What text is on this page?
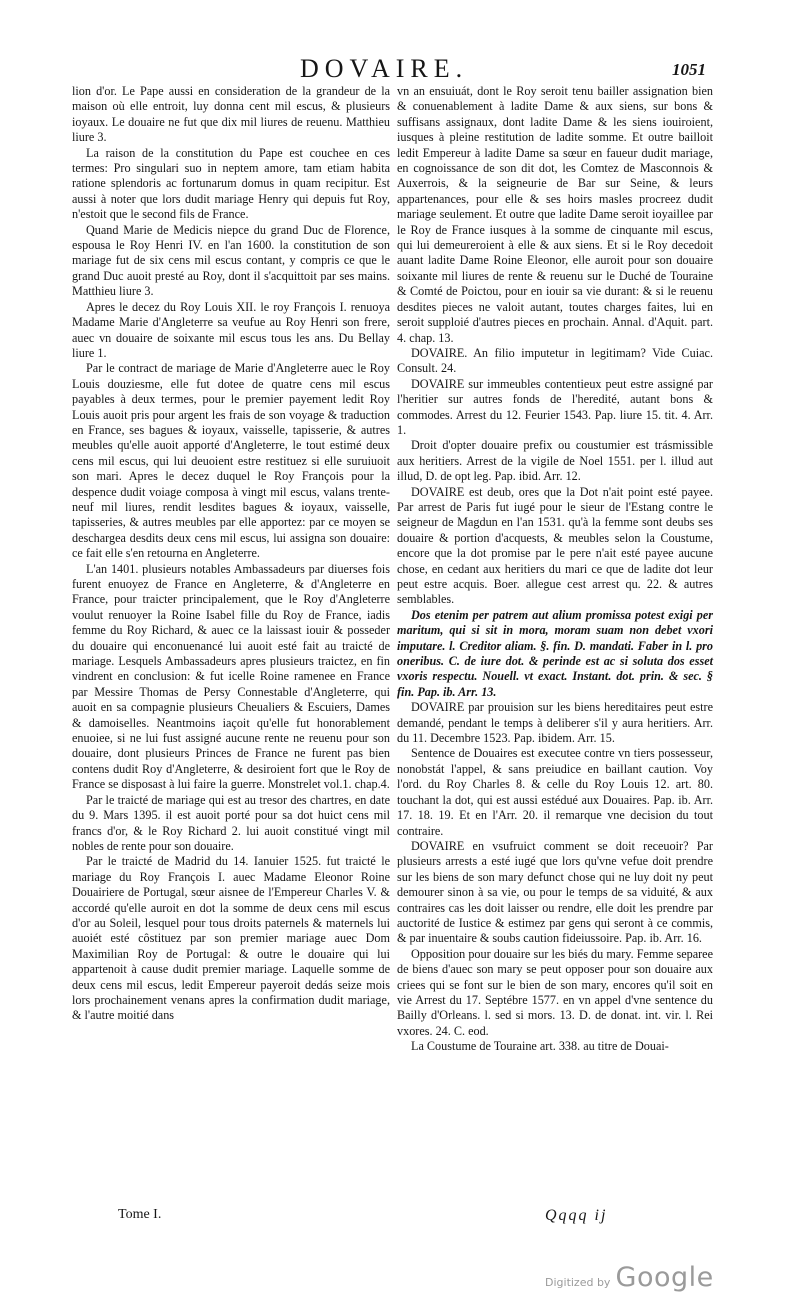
DOVAIRE.	1051

lion d'or. Le Pape aussi en consideration de la grandeur de la maison où elle entroit, luy donna cent mil escus, & plusieurs ioyaux. Le douaire ne fut que dix mil liures de reuenu. Matthieu liure 3.

La raison de la constitution du Pape est couchee en ces termes: Pro singulari suo in neptem amore, tam etiam habita ratione splendoris ac fortunarum domus in quam recipitur. Est aussi à noter que lors dudit mariage Henry qui depuis fut Roy, n'estoit que le second fils de France.

Quand Marie de Medicis niepce du grand Duc de Florence, espousa le Roy Henri IV. en l'an 1600. la constitution de son mariage fut de six cens mil escus contant, y compris ce que le grand Duc auoit presté au Roy, dont il s'acquittoit par ses mains. Matthieu liure 3.

Apres le decez du Roy Louis XII. le roy François I. renuoya Madame Marie d'Angleterre sa veufue au Roy Henri son frere, auec vn douaire de soixante mil escus tous les ans. Du Bellay liure 1.

Par le contract de mariage de Marie d'Angleterre auec le Roy Louis douziesme, elle fut dotee de quatre cens mil escus payables à deux termes, pour le premier payement ledit Roy Louis auoit pris pour argent les frais de son voyage & traduction en France, ses bagues & ioyaux, vaisselle, tapisserie, & autres meubles qu'elle auoit apporté d'Angleterre, le tout estimé deux cens mil escus, qui lui deuoient estre restituez si elle suruiuoit son mari. Apres le decez duquel le Roy François pour la despence dudit voiage composa à vingt mil escus, valans trente-neuf mil liures, rendit lesdites bagues & ioyaux, vaisselle, tapisseries, & autres meubles par elle apportez: par ce moyen se deschargea desdits deux cens mil escus, lui assigna son douaire: ce fait elle s'en retourna en Angleterre.

L'an 1401. plusieurs notables Ambassadeurs par diuerses fois furent enuoyez de France en Angleterre, & d'Angleterre en France, pour traicter principalement, que le Roy d'Angleterre voulut renuoyer la Roine Isabel fille du Roy de France, iadis femme du Roy Richard, & auec ce la laissast iouir & posseder du douaire qui enconuenancé lui auoit esté fait au traicté de mariage. Lesquels Ambassadeurs apres plusieurs traictez, en fin vindrent en conclusion: & fut icelle Roine ramenee en France par Messire Thomas de Persy Connestable d'Angleterre, qui auoit en sa compagnie plusieurs Cheualiers & Escuiers, Dames & damoiselles. Neantmoins iaçoit qu'elle fut honorablement enuoiee, si ne lui fust assigné aucune rente ne reuenu pour son douaire, dont plusieurs Princes de France ne furent pas bien contens dudit Roy d'Angleterre, & desiroient fort que le Roy de France se disposast à lui faire la guerre. Monstrelet vol.1. chap.4.

Par le traicté de mariage qui est au tresor des chartres, en date du 9. Mars 1395. il est auoit porté pour sa dot huict cens mil francs d'or, & le Roy Richard 2. lui auoit constitué vingt mil nobles de rente pour son douaire.

Par le traicté de Madrid du 14. Ianuier 1525. fut traicté le mariage du Roy François I. auec Madame Eleonor Roine Douairiere de Portugal, sœur aisnee de l'Empereur Charles V. & accordé qu'elle auroit en dot la somme de deux cens mil escus d'or au Soleil, lesquel pour tous droits paternels & maternels lui auoiét esté côstituez par son premier mariage auec Dom Maximilian Roy de Portugal: & outre le douaire qui lui appartenoit à cause dudit premier mariage. Laquelle somme de deux cens mil escus, ledit Empereur payeroit dedás seize mois lors prochainement venans apres la confirmation dudit mariage, & l'autre moitié dans

vn an ensuiuát, dont le Roy seroit tenu bailler assignation bien & conuenablement à ladite Dame & aux siens, sur bons & suffisans assignaux, dont ladite Dame & les siens iouiroient, iusques à pleine restitution de ladite somme. Et outre bailloit ledit Empereur à ladite Dame sa sœur en faueur dudit mariage, en cognoissance de son dit dot, les Comtez de Masconnois & Auxerrois, & la seigneurie de Bar sur Seine, & leurs appartenances, pour elle & ses hoirs masles procreez dudit mariage seulement. Et outre que ladite Dame seroit ioyaillee par le Roy de France iusques à la somme de cinquante mil escus, qui lui demeureroient à elle & aux siens. Et si le Roy decedoit auant ladite Dame Roine Eleonor, elle auroit pour son douaire soixante mil liures de rente & reuenu sur le Duché de Touraine & Comté de Poictou, pour en iouir sa vie durant: & si le reuenu desdites pieces ne valoit autant, toutes charges faites, lui en seroit supploié d'autres pieces en prochain. Annal. d'Aquit. part. 4. chap. 13.

DOVAIRE. An filio imputetur in legitimam? Vide Cuiac. Consult. 24.

DOVAIRE sur immeubles contentieux peut estre assigné par l'heritier sur autres fonds de l'heredité, autant bons & commodes. Arrest du 12. Feurier 1543. Pap. liure 15. tit. 4. Arr. 1.

Droit d'opter douaire prefix ou coustumier est trásmissible aux heritiers. Arrest de la vigile de Noel 1551. per l. illud aut illud, D. de opt leg. Pap. ibid. Arr. 12.

DOVAIRE est deub, ores que la Dot n'ait point esté payee. Par arrest de Paris fut iugé pour le sieur de l'Estang contre le seigneur de Magdun en l'an 1531. qu'à la femme sont deubs ses douaire & portion d'acquests, & meubles selon la Coustume, encore que la dot promise par le pere n'ait esté payee aucune chose, en cedant aux heritiers du mari ce que de ladite dot leur peut estre acquis. Boer. allegue cest arrest qu. 22. & autres semblables.

Dos etenim per patrem aut alium promissa potest exigi per maritum, qui si sit in mora, moram suam non debet vxori imputare. l. Creditor aliam. §. fin. D. mandati. Faber in l. pro oneribus. C. de iure dot. & perinde est ac si soluta dos esset vxoris respectu. Nouell. vt exact. Instant. dot. prin. & sec. § fin. Pap. ib. Arr. 13.

DOVAIRE par prouision sur les biens hereditaires peut estre demandé, pendant le temps à deliberer s'il y aura heritiers. Arr. du 11. Decembre 1523. Pap. ibidem. Arr. 15.

Sentence de Douaires est executee contre vn tiers possesseur, nonobstát l'appel, & sans preiudice en baillant caution. Voy l'ord. du Roy Charles 8. & celle du Roy Louis 12. art. 80. touchant la dot, qui est aussi estédué aux Douaires. Pap. ib. Arr. 17. 18. 19. Et en l'Arr. 20. il remarque vne decision du tout contraire.

DOVAIRE en vsufruict comment se doit receuoir? Par plusieurs arrests a esté iugé que lors qu'vne vefue doit prendre sur les biens de son mary defunct chose qui ne luy doit ny peut demourer sinon à sa vie, ou pour le temps de sa viduité, & aux contraires cas les doit laisser ou rendre, elle doit les prendre par auctorité de Iustice & estimez par gens qui seront à ce commis, & par inuentaire & soubs caution fideiussoire. Pap. ib. Arr. 16.

Opposition pour douaire sur les biés du mary. Femme separee de biens d'auec son mary se peut opposer pour son douaire aux criees qui se font sur le bien de son mary, encores qu'il soit en vie Arrest du 17. Septébre 1577. en vn appel d'vne sentence du Bailly d'Orleans. l. sed si mors. 13. D. de donat. int. vir. l. Rei vxores. 24. C. eod.

La Coustume de Touraine art. 338. au titre de Douai-

Tome I.	Qqqq ij
Digitized by Google
